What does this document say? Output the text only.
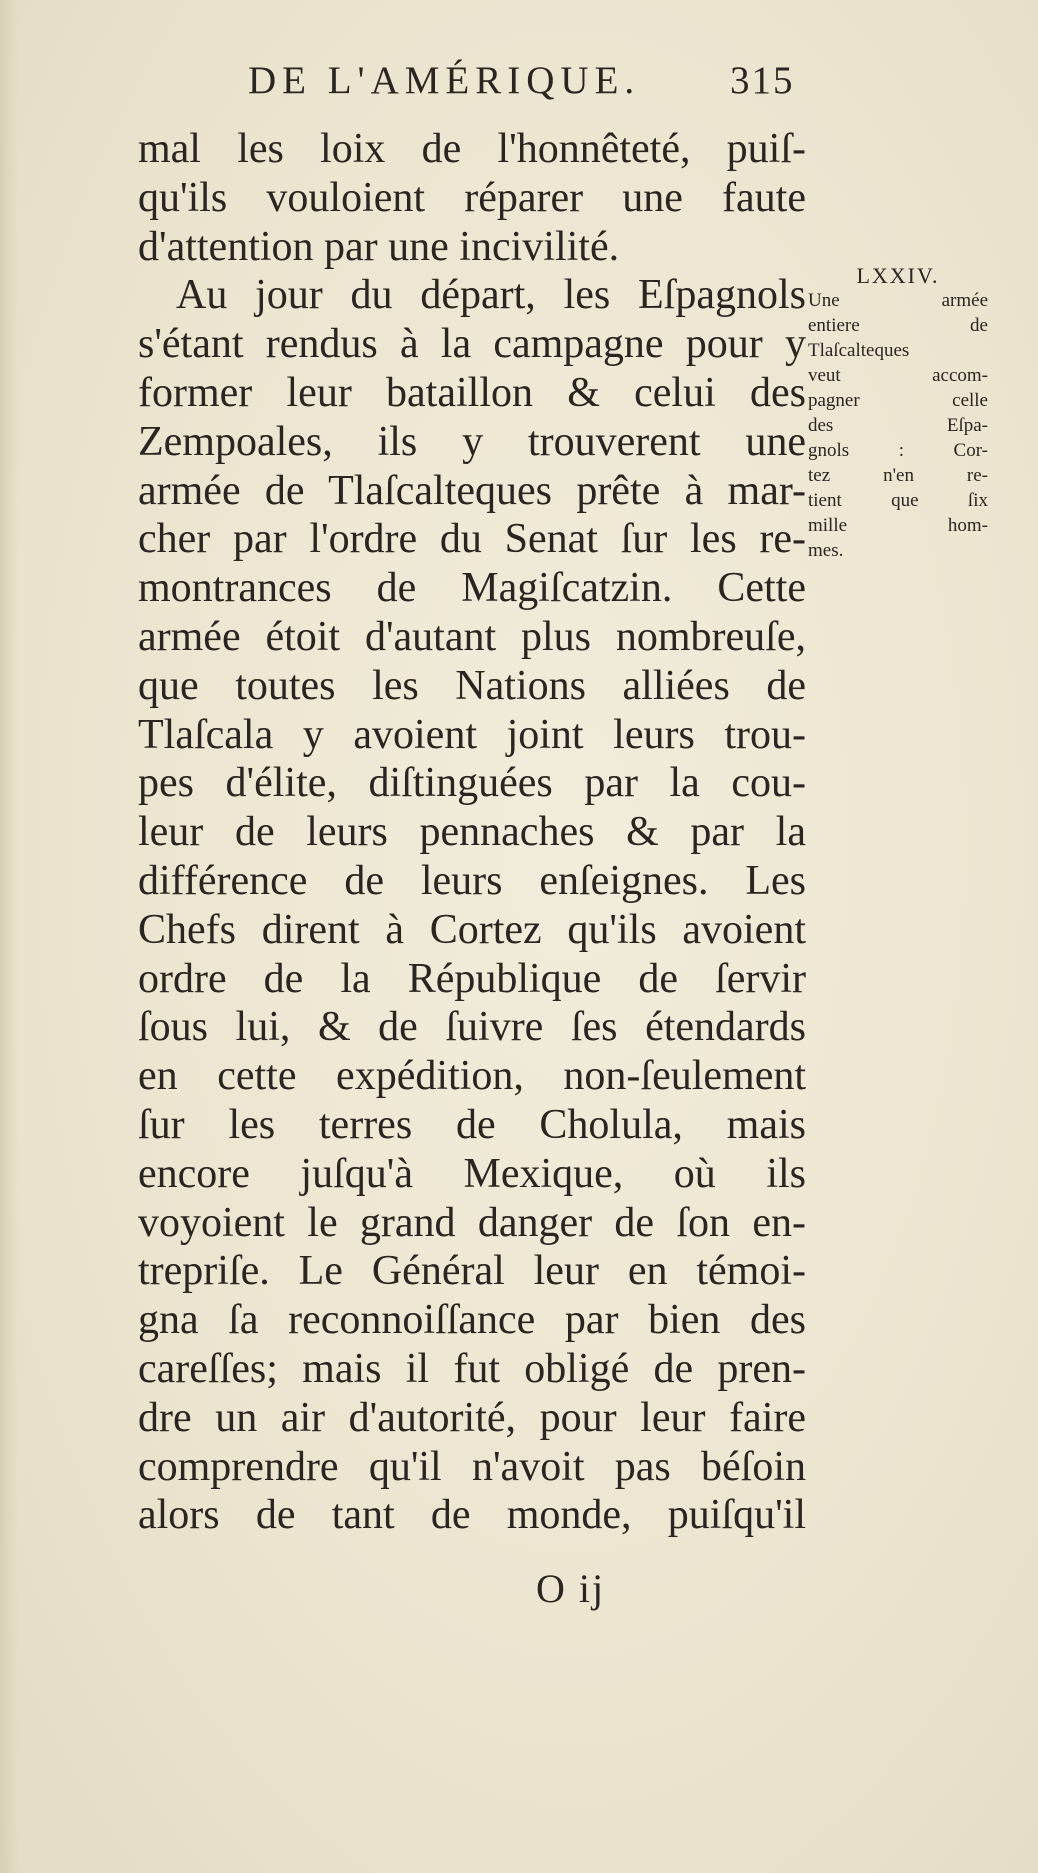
DE L'AMÉRIQUE. 315
mal les loix de l'honnêteté, puiſ-
qu'ils vouloient réparer une faute
d'attention par une incivilité.
Au jour du départ, les Eſpagnols
s'étant rendus à la campagne pour y
former leur bataillon & celui des
Zempoales, ils y trouverent une
armée de Tlaſcalteques prête à mar-
cher par l'ordre du Senat ſur les re-
montrances de Magiſcatzin. Cette
armée étoit d'autant plus nombreuſe,
que toutes les Nations alliées de
Tlaſcala y avoient joint leurs trou-
pes d'élite, diſtinguées par la cou-
leur de leurs pennaches & par la
différence de leurs enſeignes. Les
Chefs dirent à Cortez qu'ils avoient
ordre de la République de ſervir
ſous lui, & de ſuivre ſes étendards
en cette expédition, non-ſeulement
ſur les terres de Cholula, mais
encore juſqu'à Mexique, où ils
voyoient le grand danger de ſon en-
trepriſe. Le Général leur en témoi-
gna ſa reconnoiſſance par bien des
careſſes; mais il fut obligé de pren-
dre un air d'autorité, pour leur faire
comprendre qu'il n'avoit pas béſoin
alors de tant de monde, puiſqu'il
LXXIV.
Une armée
entiere de
Tlaſcalteques
veut accom-
pagner celle
des Eſpa-
gnols : Cor-
tez n'en re-
tient que ſix
mille hom-
mes.
O ij
